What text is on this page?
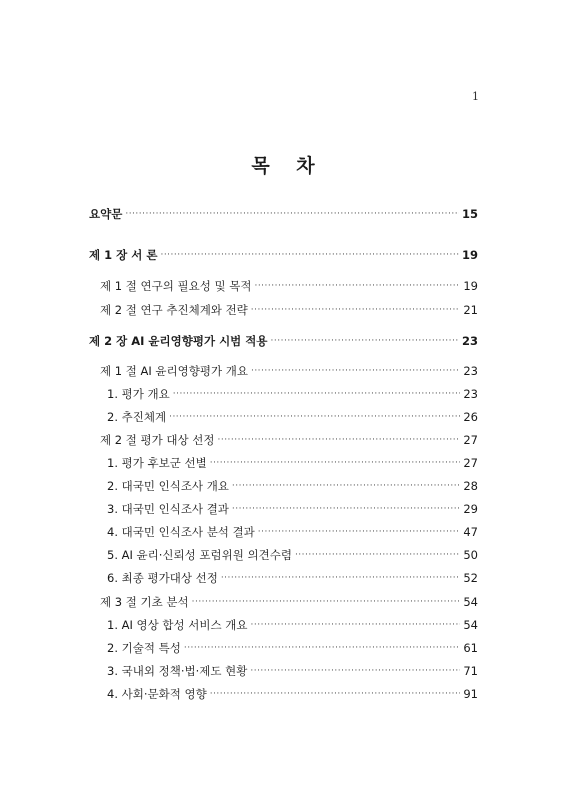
1
목 차
요약문 ·····	15
제 1 장 서 론 ·····	19
제 1 절 연구의 필요성 및 목적 ·····	19
제 2 절 연구 추진체계와 전략 ·····	21
제 2 장 AI 윤리영향평가 시범 적용 ·····	23
제 1 절 AI 윤리영향평가 개요 ·····	23
1. 평가 개요 ·····	23
2. 추진체계 ·····	26
제 2 절 평가 대상 선정 ·····	27
1. 평가 후보군 선별 ·····	27
2. 대국민 인식조사 개요 ·····	28
3. 대국민 인식조사 결과 ·····	29
4. 대국민 인식조사 분석 결과 ·····	47
5. AI 윤리·신뢰성 포럼위원 의견수렴 ·····	50
6. 최종 평가대상 선정 ·····	52
제 3 절 기초 분석 ·····	54
1. AI 영상 합성 서비스 개요 ·····	54
2. 기술적 특성 ·····	61
3. 국내외 정책·법·제도 현황 ·····	71
4. 사회·문화적 영향 ·····	91
